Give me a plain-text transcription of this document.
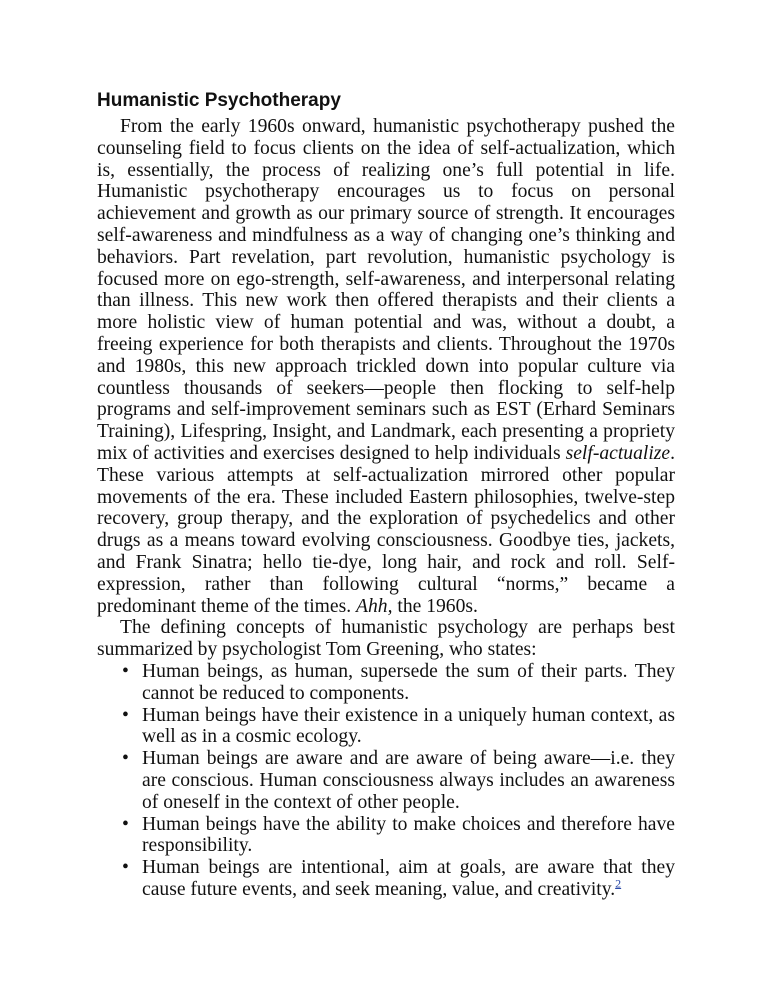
Humanistic Psychotherapy

From the early 1960s onward, humanistic psychotherapy pushed the counseling field to focus clients on the idea of self-actualization, which is, essentially, the process of realizing one’s full potential in life. Humanistic psychotherapy encourages us to focus on personal achievement and growth as our primary source of strength. It encourages self-awareness and mindfulness as a way of changing one’s thinking and behaviors. Part revelation, part revolution, humanistic psychology is focused more on ego-strength, self-awareness, and interpersonal relating than illness. This new work then offered therapists and their clients a more holistic view of human potential and was, without a doubt, a freeing experience for both therapists and clients. Throughout the 1970s and 1980s, this new approach trickled down into popular culture via countless thousands of seekers—people then flocking to self-help programs and self-improvement seminars such as EST (Erhard Seminars Training), Lifespring, Insight, and Landmark, each presenting a propriety mix of activities and exercises designed to help individuals self-actualize. These various attempts at self-actualization mirrored other popular movements of the era. These included Eastern philosophies, twelve-step recovery, group therapy, and the exploration of psychedelics and other drugs as a means toward evolving consciousness. Goodbye ties, jackets, and Frank Sinatra; hello tie-dye, long hair, and rock and roll. Self-expression, rather than following cultural “norms,” became a predominant theme of the times. Ahh, the 1960s.

The defining concepts of humanistic psychology are perhaps best summarized by psychologist Tom Greening, who states:

• Human beings, as human, supersede the sum of their parts. They cannot be reduced to components.
• Human beings have their existence in a uniquely human context, as well as in a cosmic ecology.
• Human beings are aware and are aware of being aware—i.e. they are conscious. Human consciousness always includes an awareness of oneself in the context of other people.
• Human beings have the ability to make choices and therefore have responsibility.
• Human beings are intentional, aim at goals, are aware that they cause future events, and seek meaning, value, and creativity.$^2$
